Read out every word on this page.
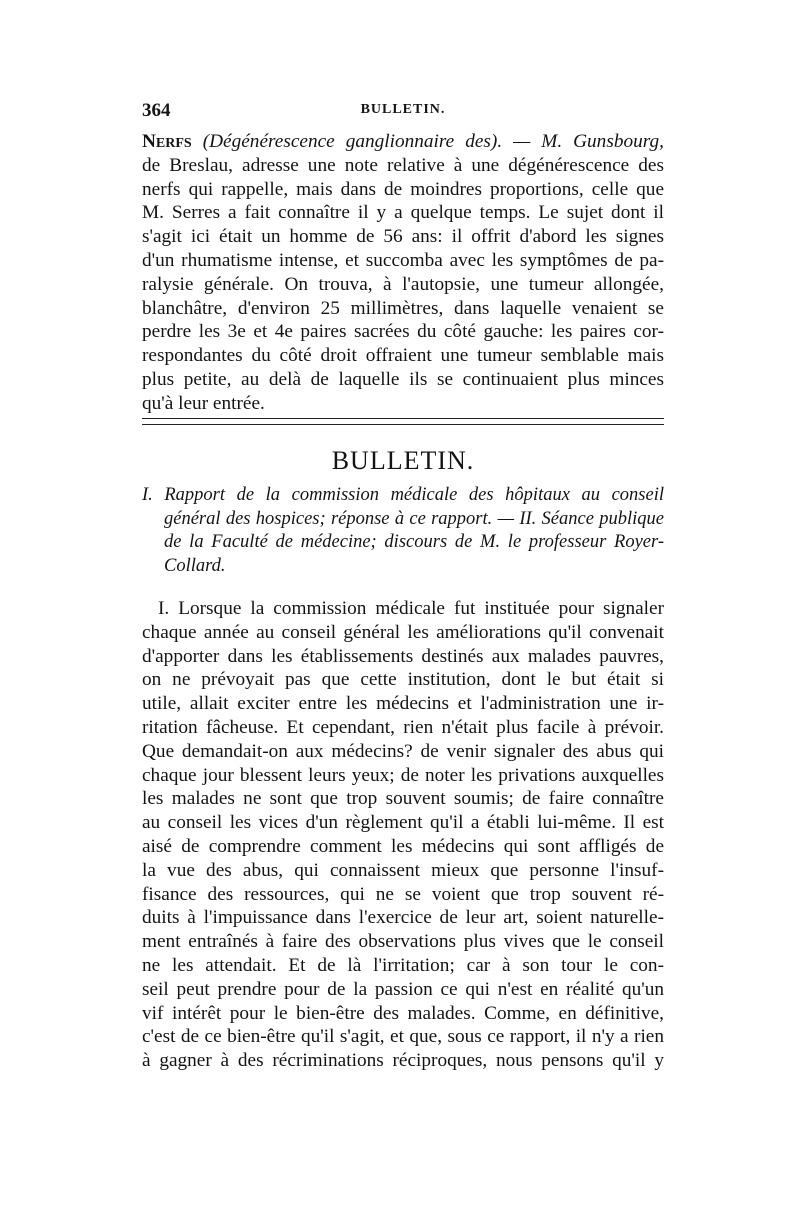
364	BULLETIN.

Nerfs (Dégénérescence ganglionnaire des). — M. Gunsbourg,
de Breslau, adresse une note relative à une dégénérescence des
nerfs qui rappelle, mais dans de moindres proportions, celle que
M. Serres a fait connaître il y a quelque temps. Le sujet dont il
s'agit ici était un homme de 56 ans: il offrit d'abord les signes
d'un rhumatisme intense, et succomba avec les symptômes de pa-
ralysie générale. On trouva, à l'autopsie, une tumeur allongée,
blanchâtre, d'environ 25 millimètres, dans laquelle venaient se
perdre les 3e et 4e paires sacrées du côté gauche: les paires cor-
respondantes du côté droit offraient une tumeur semblable mais
plus petite, au delà de laquelle ils se continuaient plus minces
qu'à leur entrée.

BULLETIN.
I. Rapport de la commission médicale des hôpitaux au conseil
général des hospices; réponse à ce rapport. — II. Séance publique
de la Faculté de médecine; discours de M. le professeur Royer-
Collard.

I. Lorsque la commission médicale fut instituée pour signaler
chaque année au conseil général les améliorations qu'il convenait
d'apporter dans les établissements destinés aux malades pauvres,
on ne prévoyait pas que cette institution, dont le but était si
utile, allait exciter entre les médecins et l'administration une ir-
ritation fâcheuse. Et cependant, rien n'était plus facile à prévoir.
Que demandait-on aux médecins? de venir signaler des abus qui
chaque jour blessent leurs yeux; de noter les privations auxquelles
les malades ne sont que trop souvent soumis; de faire connaître
au conseil les vices d'un règlement qu'il a établi lui-même. Il est
aisé de comprendre comment les médecins qui sont affligés de
la vue des abus, qui connaissent mieux que personne l'insuf-
fisance des ressources, qui ne se voient que trop souvent ré-
duits à l'impuissance dans l'exercice de leur art, soient naturelle-
ment entraînés à faire des observations plus vives que le conseil
ne les attendait. Et de là l'irritation; car à son tour le con-
seil peut prendre pour de la passion ce qui n'est en réalité qu'un
vif intérêt pour le bien-être des malades. Comme, en définitive,
c'est de ce bien-être qu'il s'agit, et que, sous ce rapport, il n'y a rien
à gagner à des récriminations réciproques, nous pensons qu'il y
